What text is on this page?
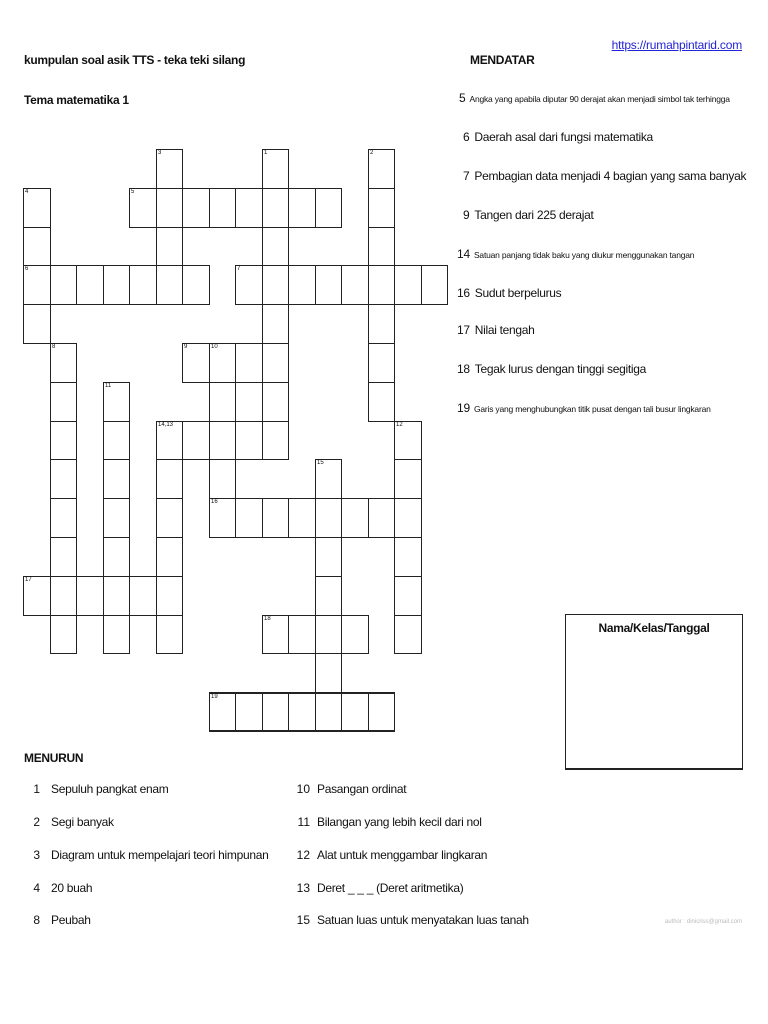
kumpulan soal asik TTS - teka teki silang
Tema matematika 1
https://rumahpintarid.com
MENDATAR
5 Angka yang apabila diputar 90 derajat akan menjadi simbol tak terhingga
6 Daerah asal dari fungsi matematika
7 Pembagian data menjadi 4 bagian yang sama banyak
9 Tangen dari 225 derajat
14 Satuan panjang tidak baku yang diukur menggunakan tangan
16 Sudut berpelurus
17 Nilai tengah
18 Tegak lurus dengan tinggi segitiga
19 Garis yang menghubungkan titik pusat dengan tali busur lingkaran
3	1	2
4	5
6	7
8	9	10
11
14,13	12
15
16
17
18
19
Nama/Kelas/Tanggal
MENURUN
1 Sepuluh pangkat enam
2 Segi banyak
3 Diagram untuk mempelajari teori himpunan
4 20 buah
8 Peubah
10 Pasangan ordinat
11 Bilangan yang lebih kecil dari nol
12 Alat untuk menggambar lingkaran
13 Deret _ _ _ (Deret aritmetika)
15 Satuan luas untuk menyatakan luas tanah	author : dinicriss@gmail.com
